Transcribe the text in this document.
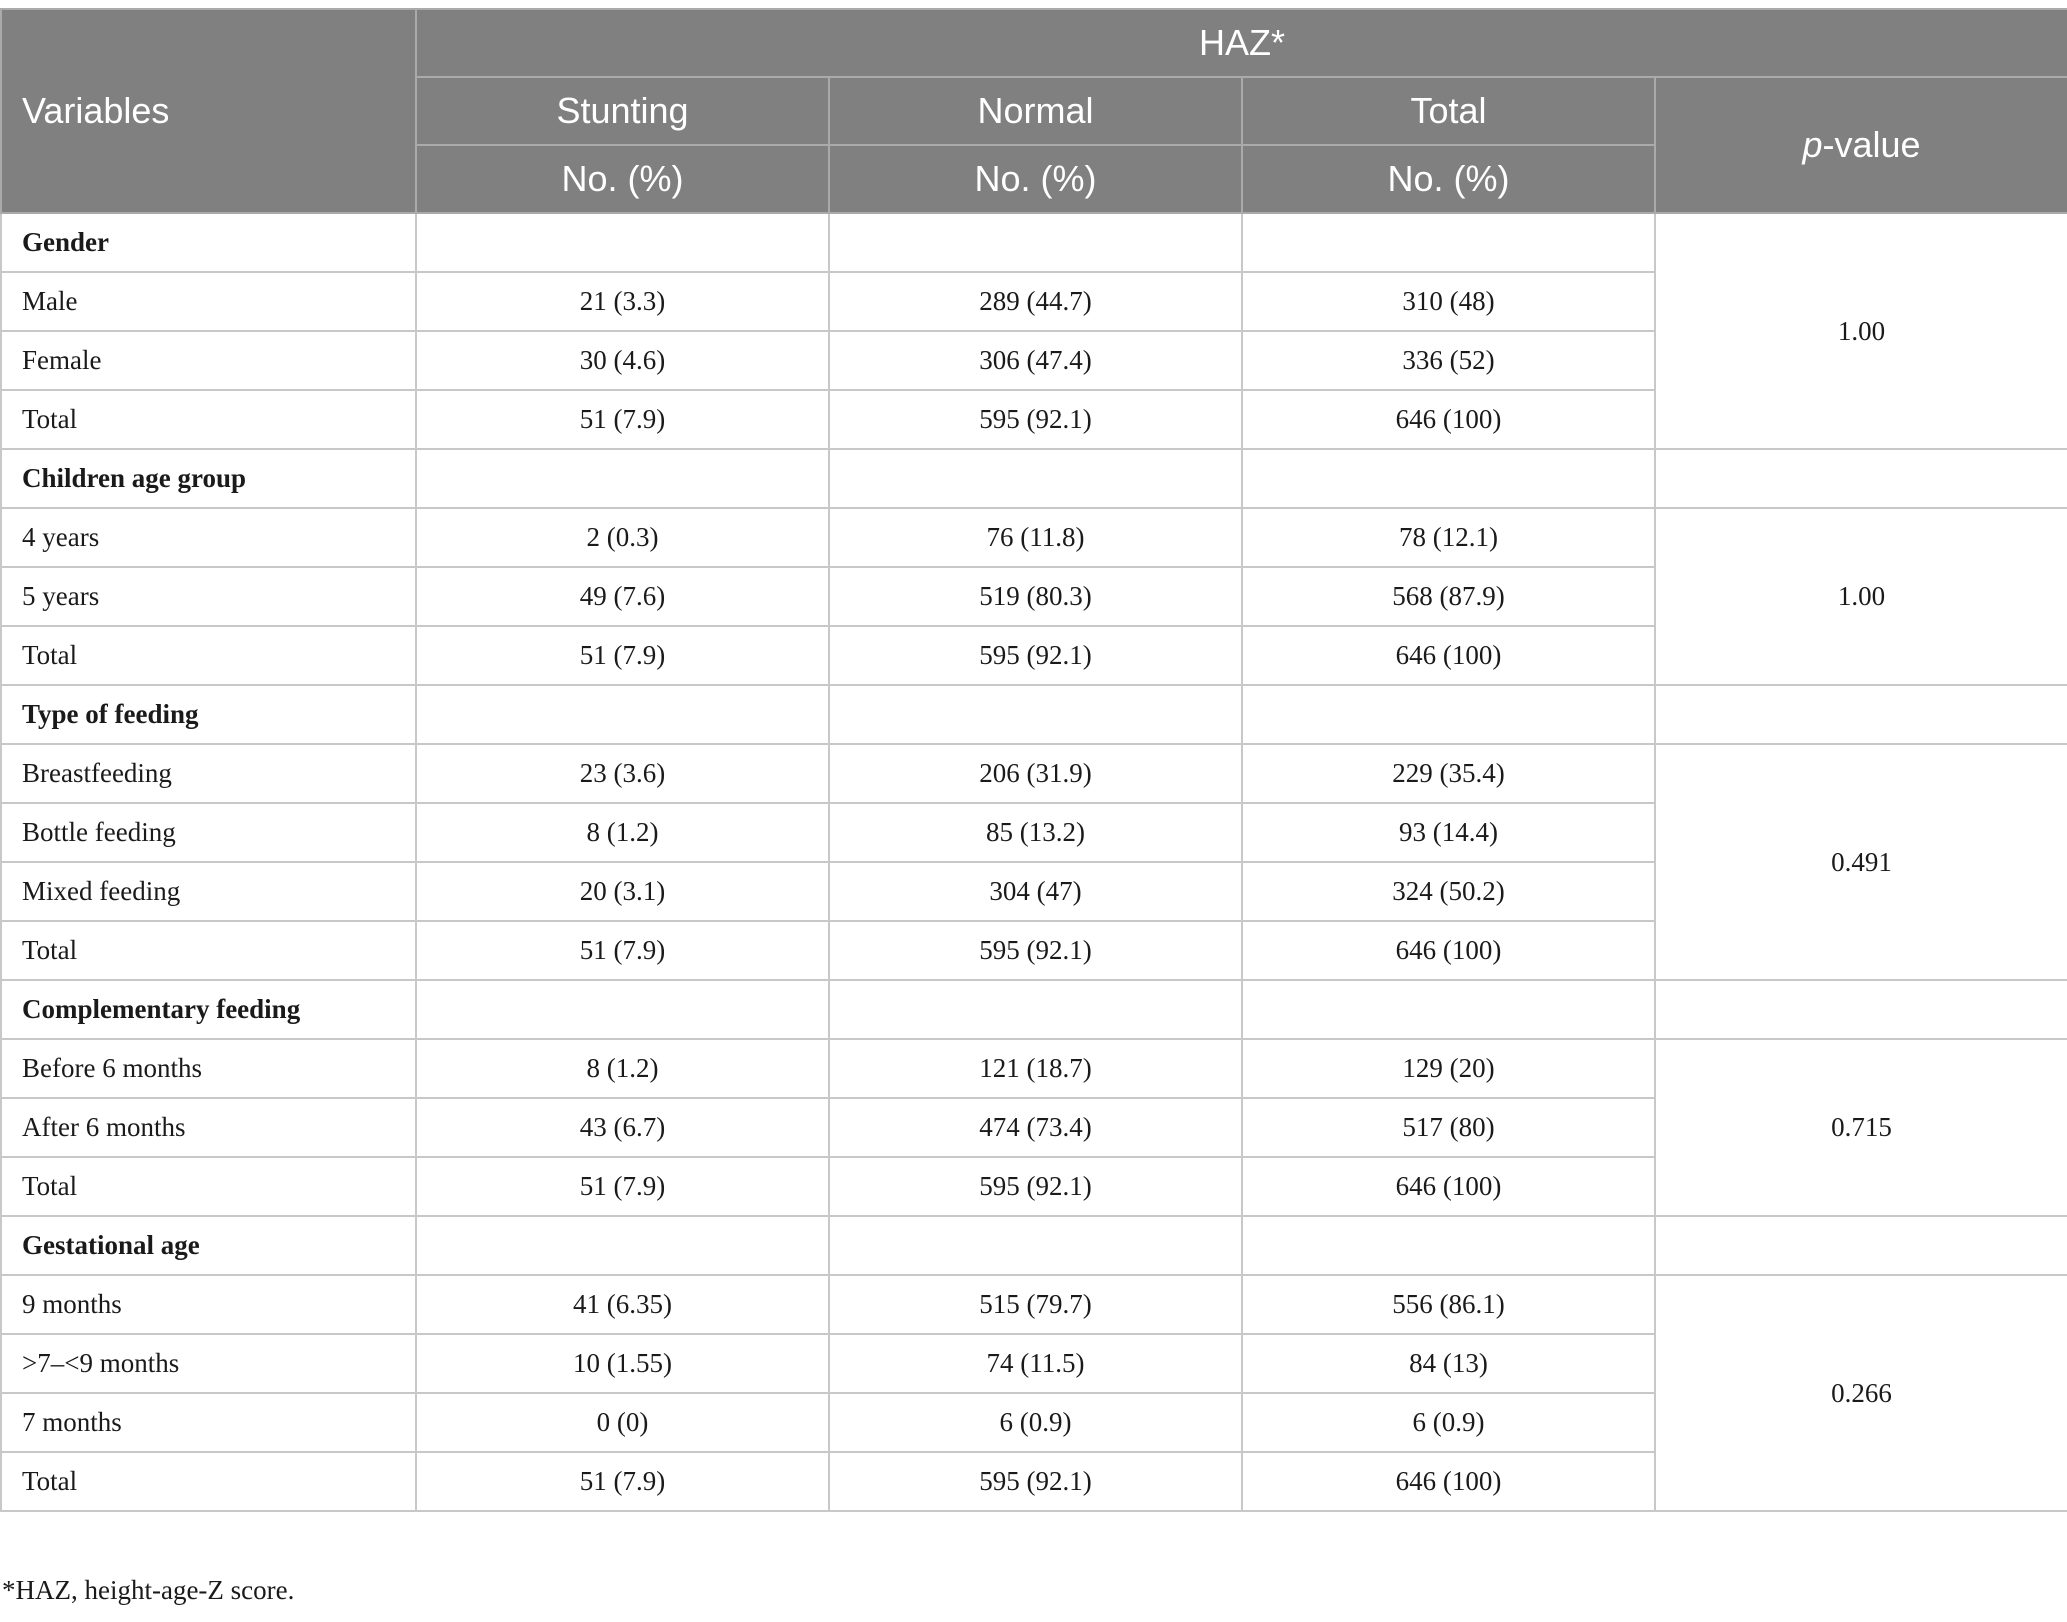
Variables	HAZ*			
	Stunting	Normal	Total	p-value
	No. (%)	No. (%)	No. (%)	
Gender				1.00
Male	21 (3.3)	289 (44.7)	310 (48)	
Female	30 (4.6)	306 (47.4)	336 (52)	
Total	51 (7.9)	595 (92.1)	646 (100)	
Children age group				
4 years	2 (0.3)	76 (11.8)	78 (12.1)	1.00
5 years	49 (7.6)	519 (80.3)	568 (87.9)	
Total	51 (7.9)	595 (92.1)	646 (100)	
Type of feeding				
Breastfeeding	23 (3.6)	206 (31.9)	229 (35.4)	0.491
Bottle feeding	8 (1.2)	85 (13.2)	93 (14.4)	
Mixed feeding	20 (3.1)	304 (47)	324 (50.2)	
Total	51 (7.9)	595 (92.1)	646 (100)	
Complementary feeding				
Before 6 months	8 (1.2)	121 (18.7)	129 (20)	0.715
After 6 months	43 (6.7)	474 (73.4)	517 (80)	
Total	51 (7.9)	595 (92.1)	646 (100)	
Gestational age				
9 months	41 (6.35)	515 (79.7)	556 (86.1)	0.266
>7–<9 months	10 (1.55)	74 (11.5)	84 (13)	
7 months	0 (0)	6 (0.9)	6 (0.9)	
Total	51 (7.9)	595 (92.1)	646 (100)	
*HAZ, height-age-Z score.
